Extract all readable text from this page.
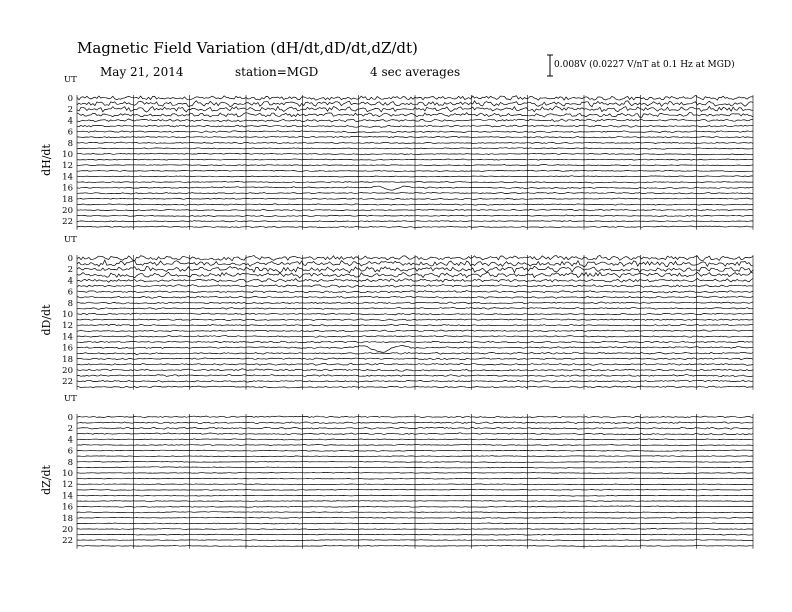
Magnetic Field Variation (dH/dt,dD/dt,dZ/dt)
May 21, 2014	station=MGD	4 sec averages	0.008V (0.0227 V/nT at 0.1 Hz at MGD)
UT
dH/dt
0
2
4
6
8
10
12
14
16
18
20
22
UT
dD/dt
0
2
4
6
8
10
12
14
16
18
20
22
UT
dZ/dt
0
2
4
6
8
10
12
14
16
18
20
22
